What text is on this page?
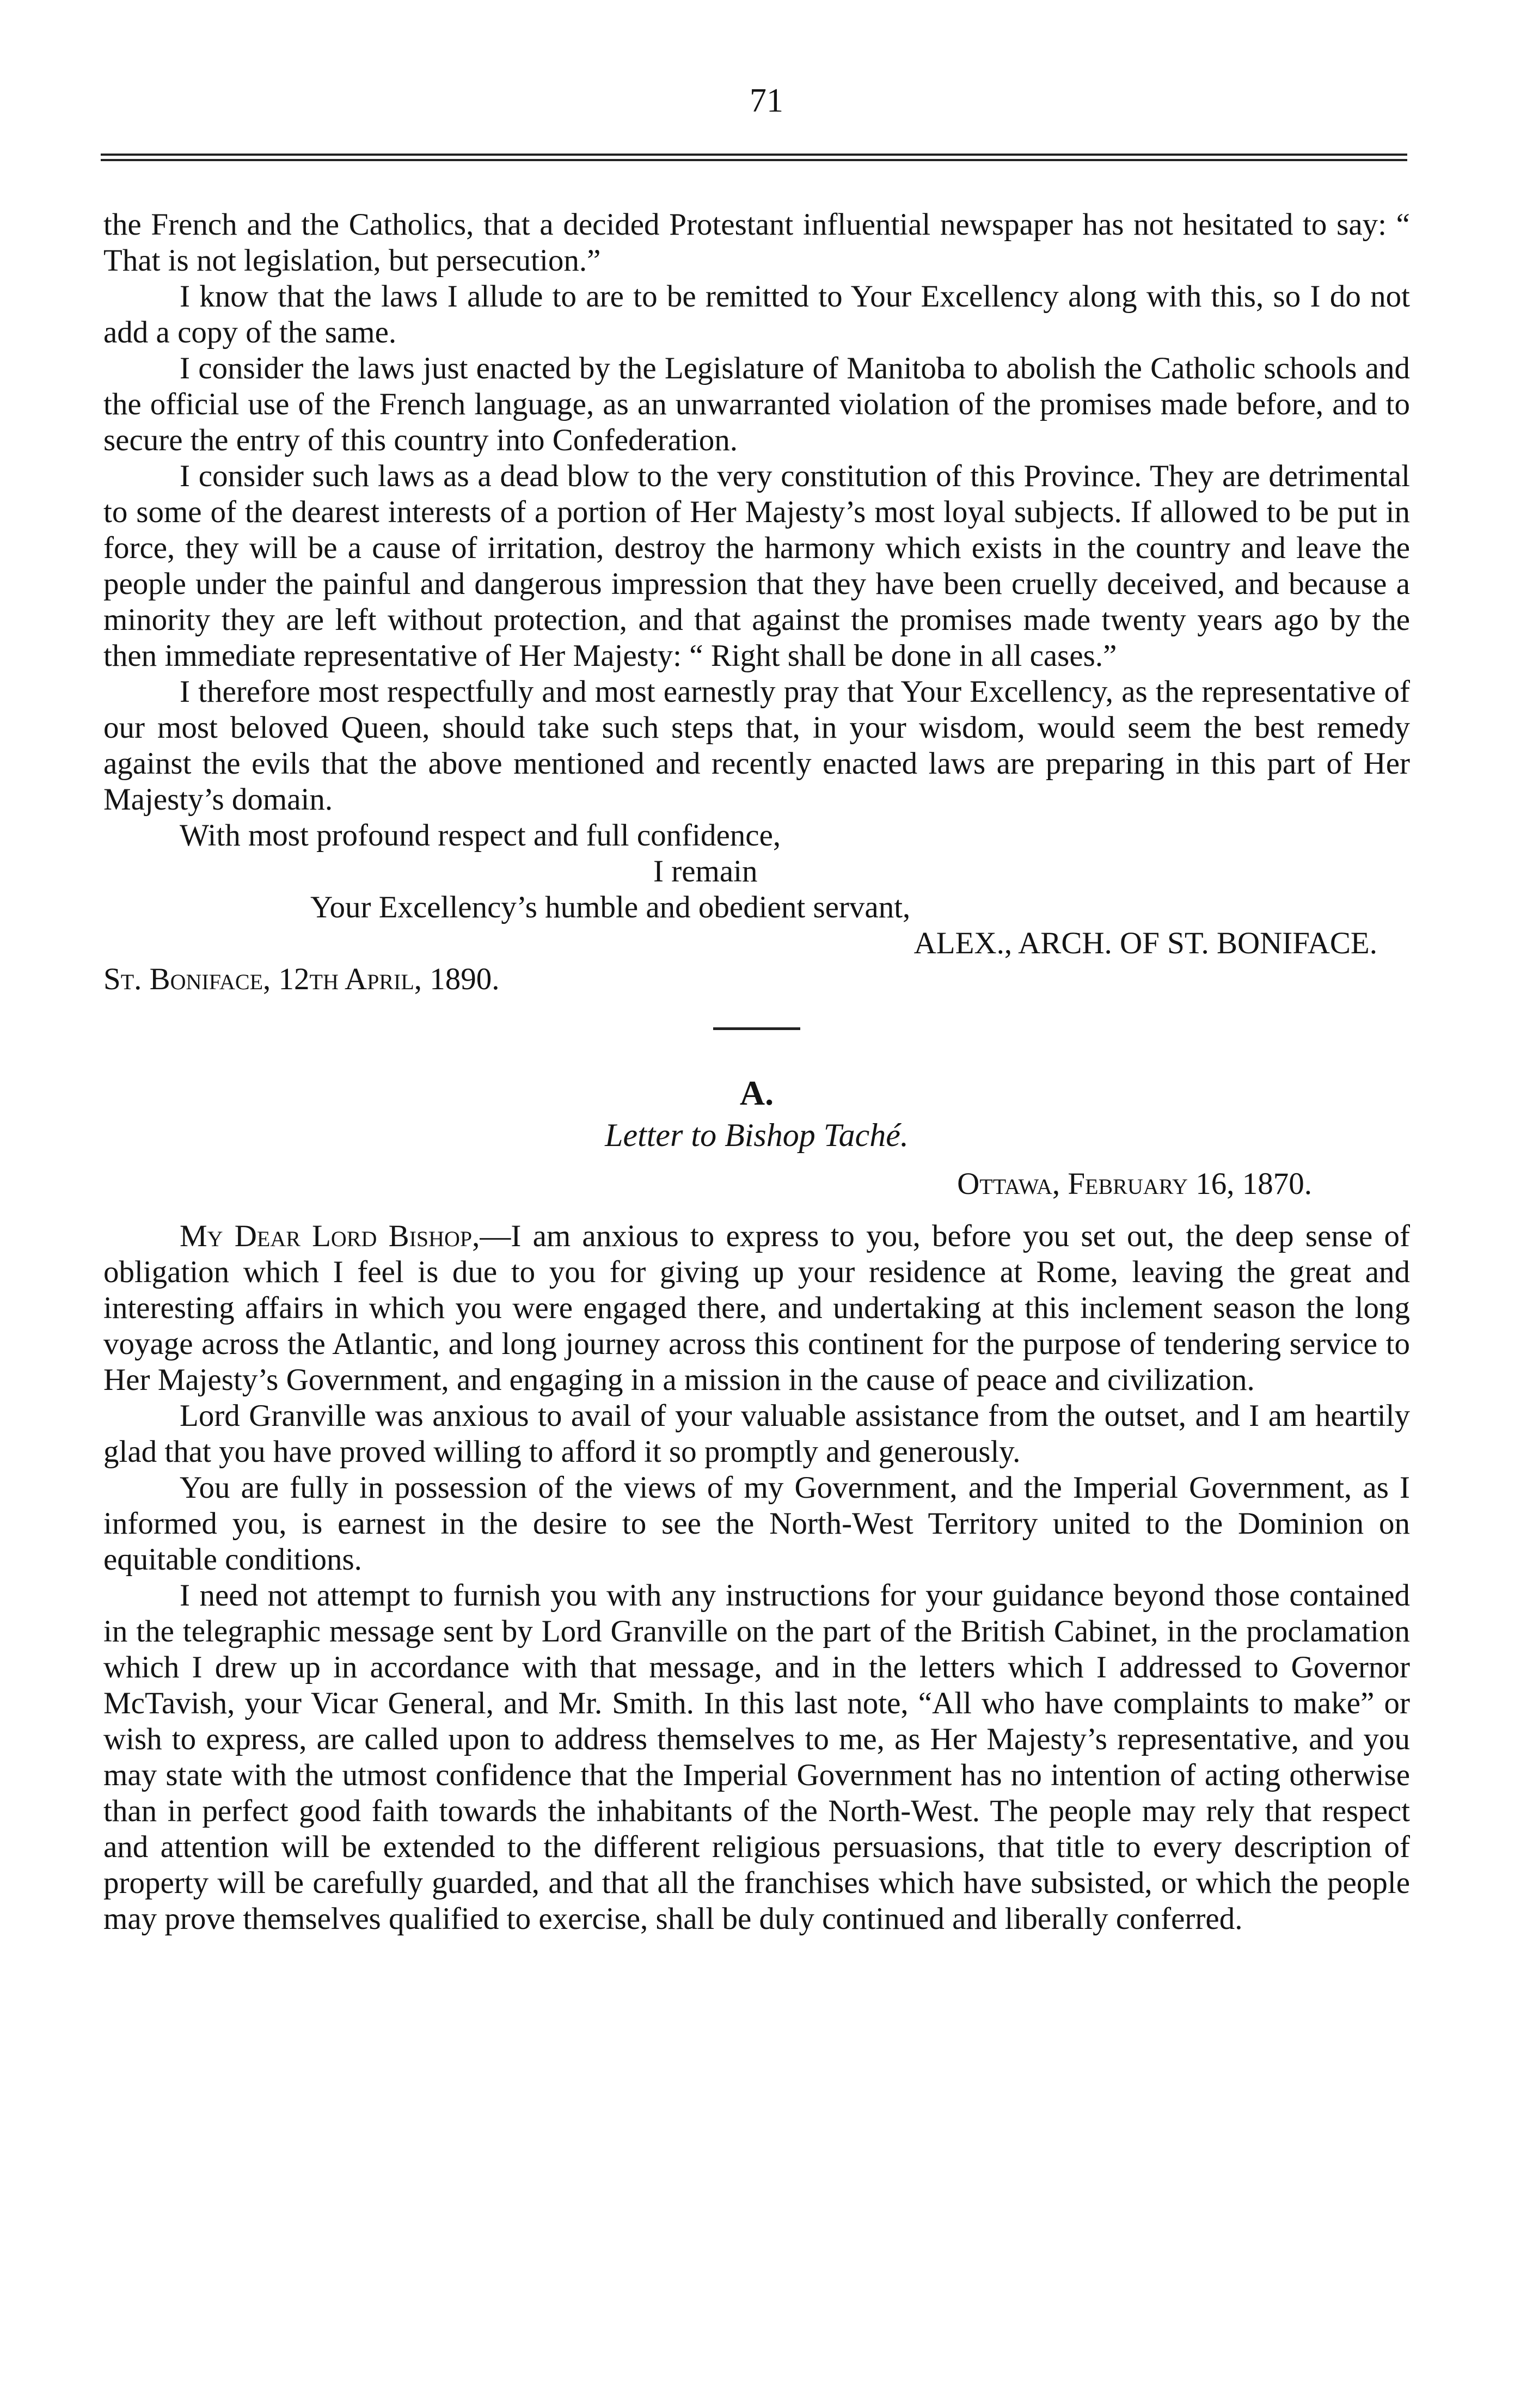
71

the French and the Catholics, that a decided Protestant influential newspaper has not hesitated to say: “ That is not legislation, but persecution.”

I know that the laws I allude to are to be remitted to Your Excellency along with this, so I do not add a copy of the same.

I consider the laws just enacted by the Legislature of Manitoba to abolish the Catholic schools and the official use of the French language, as an unwarranted violation of the promises made before, and to secure the entry of this country into Confederation.

I consider such laws as a dead blow to the very constitution of this Province. They are detrimental to some of the dearest interests of a portion of Her Majesty’s most loyal subjects. If allowed to be put in force, they will be a cause of irritation, destroy the harmony which exists in the country and leave the people under the painful and dangerous impression that they have been cruelly deceived, and because a minority they are left without protection, and that against the promises made twenty years ago by the then immediate representative of Her Majesty: “ Right shall be done in all cases.”

I therefore most respectfully and most earnestly pray that Your Excellency, as the representative of our most beloved Queen, should take such steps that, in your wisdom, would seem the best remedy against the evils that the above mentioned and recently enacted laws are preparing in this part of Her Majesty’s domain.

With most profound respect and full confidence,

I remain

Your Excellency’s humble and obedient servant,

ALEX., ARCH. OF ST. BONIFACE.

St. Boniface, 12th April, 1890.

A.
Letter to Bishop Taché.
Ottawa, February 16, 1870.

My Dear Lord Bishop,—I am anxious to express to you, before you set out, the deep sense of obligation which I feel is due to you for giving up your residence at Rome, leaving the great and interesting affairs in which you were engaged there, and undertaking at this inclement season the long voyage across the Atlantic, and long journey across this continent for the purpose of tendering service to Her Majesty’s Government, and engaging in a mission in the cause of peace and civilization.

Lord Granville was anxious to avail of your valuable assistance from the outset, and I am heartily glad that you have proved willing to afford it so promptly and generously.

You are fully in possession of the views of my Government, and the Imperial Government, as I informed you, is earnest in the desire to see the North-West Territory united to the Dominion on equitable conditions.

I need not attempt to furnish you with any instructions for your guidance beyond those contained in the telegraphic message sent by Lord Granville on the part of the British Cabinet, in the proclamation which I drew up in accordance with that message, and in the letters which I addressed to Governor McTavish, your Vicar General, and Mr. Smith. In this last note, “All who have complaints to make” or wish to express, are called upon to address themselves to me, as Her Majesty’s representative, and you may state with the utmost confidence that the Imperial Government has no intention of acting otherwise than in perfect good faith towards the inhabitants of the North-West. The people may rely that respect and attention will be extended to the different religious persuasions, that title to every description of property will be carefully guarded, and that all the franchises which have subsisted, or which the people may prove themselves qualified to exercise, shall be duly continued and liberally conferred.
